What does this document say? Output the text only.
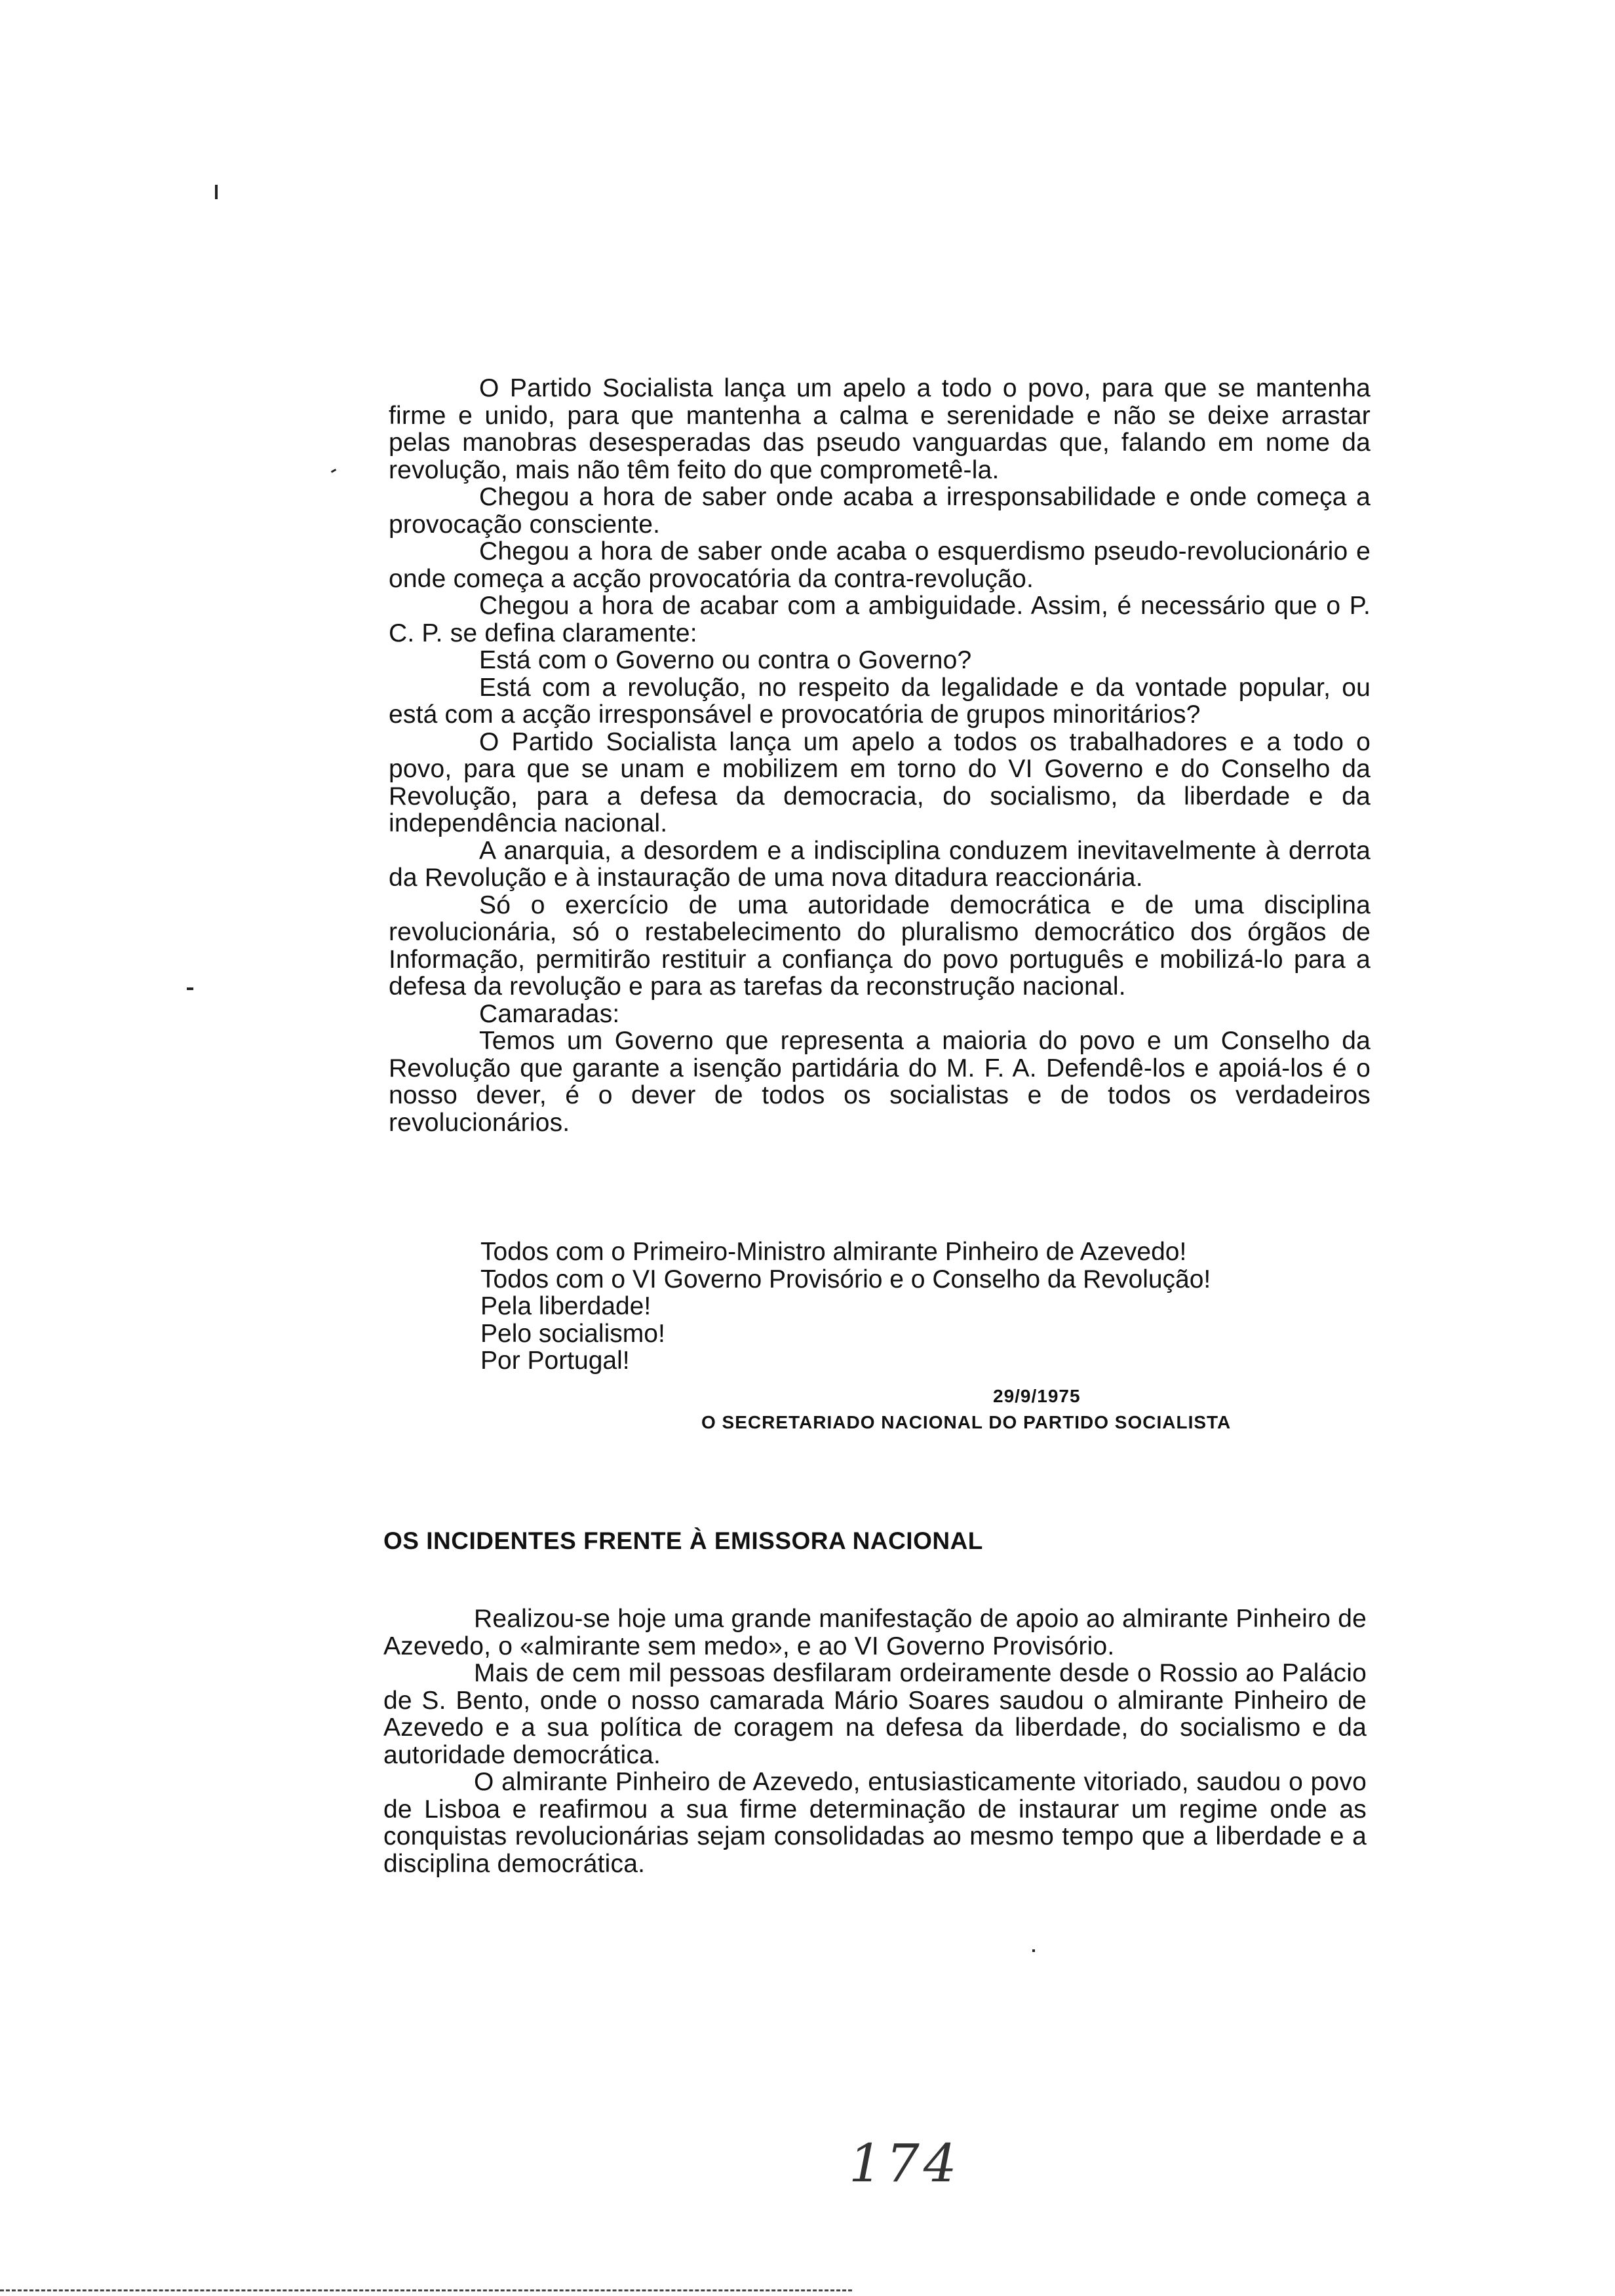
O Partido Socialista lança um apelo a todo o povo, para que se mantenha firme e unido, para que mantenha a calma e serenidade e não se deixe arrastar pelas manobras desesperadas das pseudo vanguardas que, falando em nome da revolução, mais não têm feito do que comprometê-la.

Chegou a hora de saber onde acaba a irresponsabilidade e onde começa a provocação consciente.

Chegou a hora de saber onde acaba o esquerdismo pseudo-revolucionário e onde começa a acção provocatória da contra-revolução.

Chegou a hora de acabar com a ambiguidade. Assim, é necessário que o P. C. P. se defina claramente:

Está com o Governo ou contra o Governo?

Está com a revolução, no respeito da legalidade e da vontade popular, ou está com a acção irresponsável e provocatória de grupos minoritários?

O Partido Socialista lança um apelo a todos os trabalhadores e a todo o povo, para que se unam e mobilizem em torno do VI Governo e do Conselho da Revolução, para a defesa da democracia, do socialismo, da liberdade e da independência nacional.

A anarquia, a desordem e a indisciplina conduzem inevitavelmente à derrota da Revolução e à instauração de uma nova ditadura reaccionária.

Só o exercício de uma autoridade democrática e de uma disciplina revolucionária, só o restabelecimento do pluralismo democrático dos órgãos de Informação, permitirão restituir a confiança do povo português e mobilizá-lo para a defesa da revolução e para as tarefas da reconstrução nacional.

Camaradas:

Temos um Governo que representa a maioria do povo e um Conselho da Revolução que garante a isenção partidária do M. F. A. Defendê-los e apoiá-los é o nosso dever, é o dever de todos os socialistas e de todos os verdadeiros revolucionários.

Todos com o Primeiro-Ministro almirante Pinheiro de Azevedo!
Todos com o VI Governo Provisório e o Conselho da Revolução!
Pela liberdade!
Pelo socialismo!
Por Portugal!
29/9/1975
O SECRETARIADO NACIONAL DO PARTIDO SOCIALISTA
OS INCIDENTES FRENTE À EMISSORA NACIONAL

Realizou-se hoje uma grande manifestação de apoio ao almirante Pinheiro de Azevedo, o «almirante sem medo», e ao VI Governo Provisório.

Mais de cem mil pessoas desfilaram ordeiramente desde o Rossio ao Palácio de S. Bento, onde o nosso camarada Mário Soares saudou o almirante Pinheiro de Azevedo e a sua política de coragem na defesa da liberdade, do socialismo e da autoridade democrática.

O almirante Pinheiro de Azevedo, entusiasticamente vitoriado, saudou o povo de Lisboa e reafirmou a sua firme determinação de instaurar um regime onde as conquistas revolucionárias sejam consolidadas ao mesmo tempo que a liberdade e a disciplina democrática.

174
